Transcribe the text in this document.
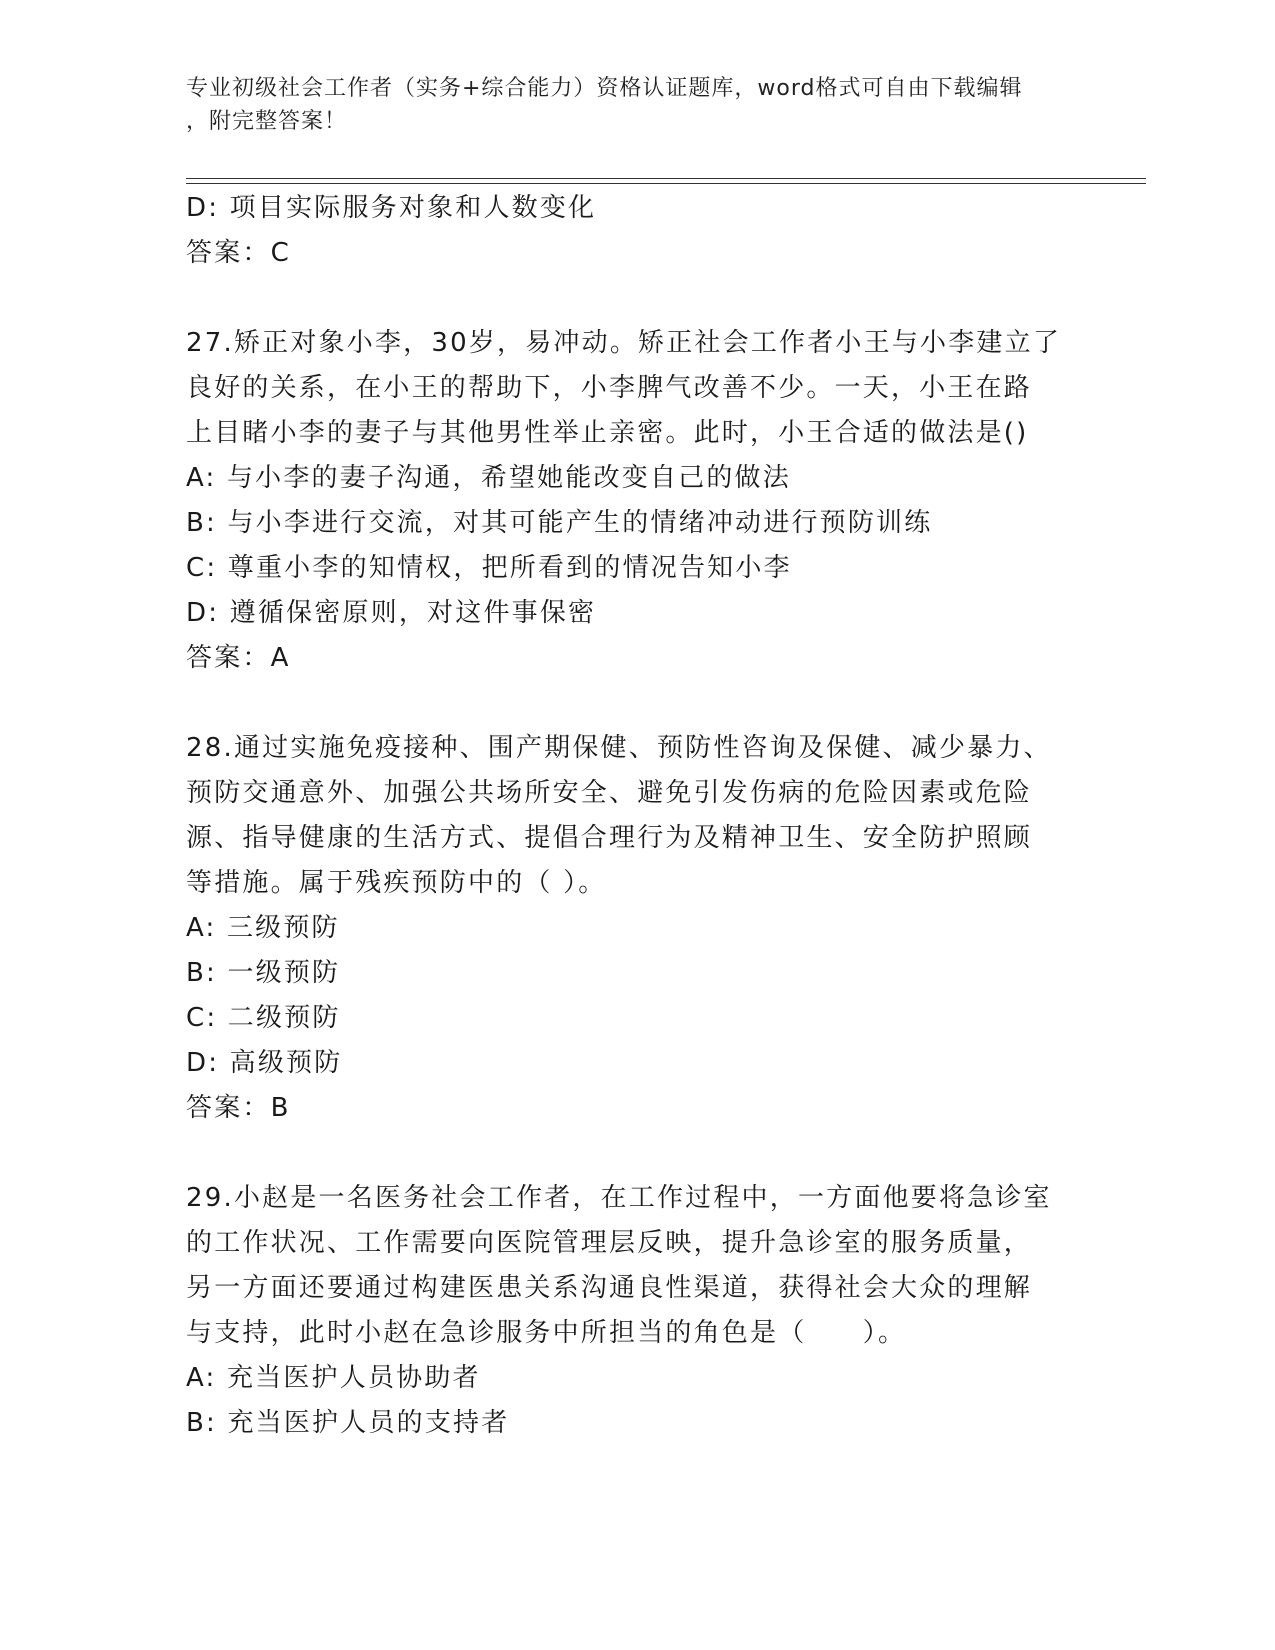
专业初级社会工作者（实务+综合能力）资格认证题库，word格式可自由下载编辑
，附完整答案！
D: 项目实际服务对象和人数变化
答案：C
27.矫正对象小李，30岁，易冲动。矫正社会工作者小王与小李建立了
良好的关系，在小王的帮助下，小李脾气改善不少。一天，小王在路
上目睹小李的妻子与其他男性举止亲密。此时，小王合适的做法是()
A: 与小李的妻子沟通，希望她能改变自己的做法
B: 与小李进行交流，对其可能产生的情绪冲动进行预防训练
C: 尊重小李的知情权，把所看到的情况告知小李
D: 遵循保密原则，对这件事保密
答案：A
28.通过实施免疫接种、围产期保健、预防性咨询及保健、减少暴力、
预防交通意外、加强公共场所安全、避免引发伤病的危险因素或危险
源、指导健康的生活方式、提倡合理行为及精神卫生、安全防护照顾
等措施。属于残疾预防中的（ ）。
A: 三级预防
B: 一级预防
C: 二级预防
D: 高级预防
答案：B
29.小赵是一名医务社会工作者，在工作过程中，一方面他要将急诊室
的工作状况、工作需要向医院管理层反映，提升急诊室的服务质量，
另一方面还要通过构建医患关系沟通良性渠道，获得社会大众的理解
与支持，此时小赵在急诊服务中所担当的角色是（　　）。
A: 充当医护人员协助者
B: 充当医护人员的支持者
